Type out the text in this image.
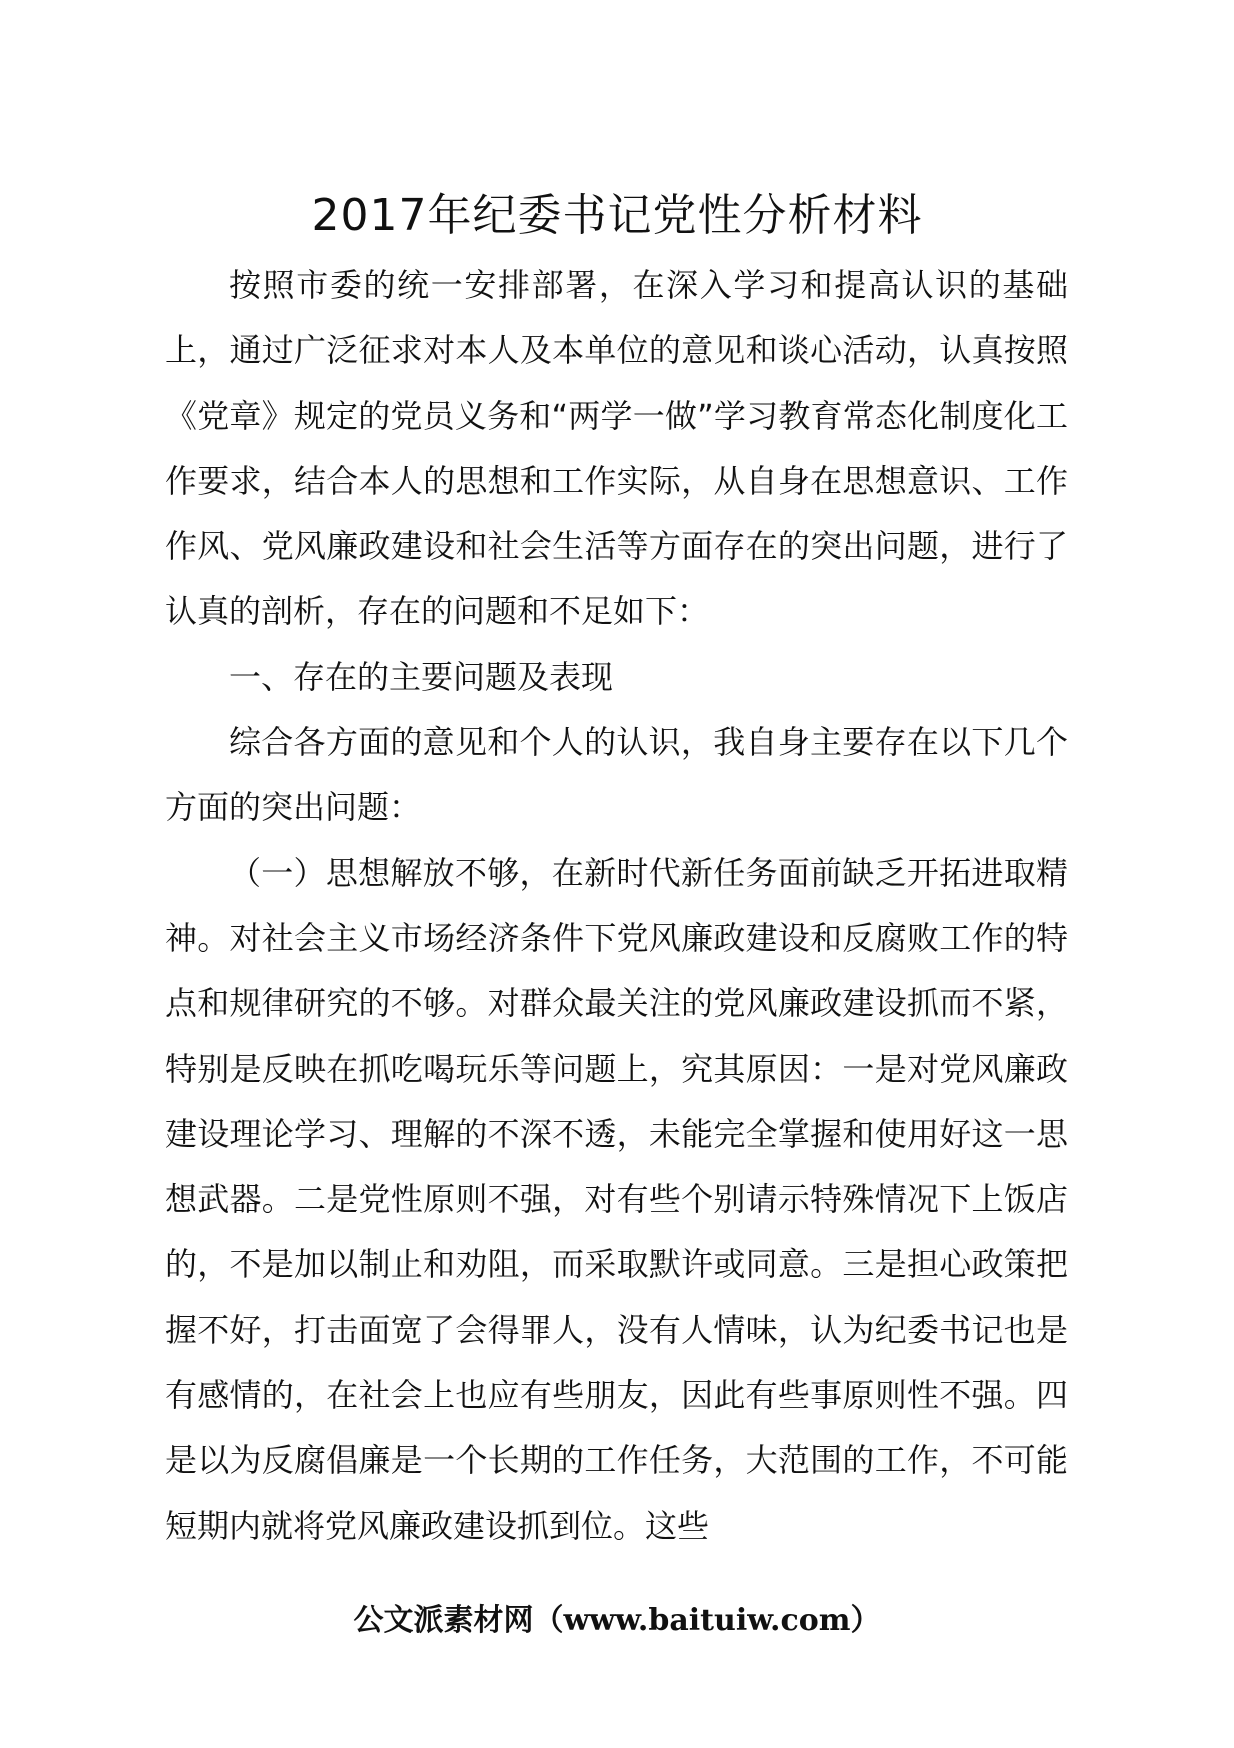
2017年纪委书记党性分析材料

按照市委的统一安排部署，在深入学习和提高认识的基础上，通过广泛征求对本人及本单位的意见和谈心活动，认真按照《党章》规定的党员义务和“两学一做”学习教育常态化制度化工作要求，结合本人的思想和工作实际，从自身在思想意识、工作作风、党风廉政建设和社会生活等方面存在的突出问题，进行了认真的剖析，存在的问题和不足如下：

一、存在的主要问题及表现

综合各方面的意见和个人的认识，我自身主要存在以下几个方面的突出问题：

（一）思想解放不够，在新时代新任务面前缺乏开拓进取精神。对社会主义市场经济条件下党风廉政建设和反腐败工作的特点和规律研究的不够。对群众最关注的党风廉政建设抓而不紧，特别是反映在抓吃喝玩乐等问题上，究其原因：一是对党风廉政建设理论学习、理解的不深不透，未能完全掌握和使用好这一思想武器。二是党性原则不强，对有些个别请示特殊情况下上饭店的，不是加以制止和劝阻，而采取默许或同意。三是担心政策把握不好，打击面宽了会得罪人，没有人情味，认为纪委书记也是有感情的，在社会上也应有些朋友，因此有些事原则性不强。四是以为反腐倡廉是一个长期的工作任务，大范围的工作，不可能短期内就将党风廉政建设抓到位。这些

公文派素材网（www.baituiw.com）
